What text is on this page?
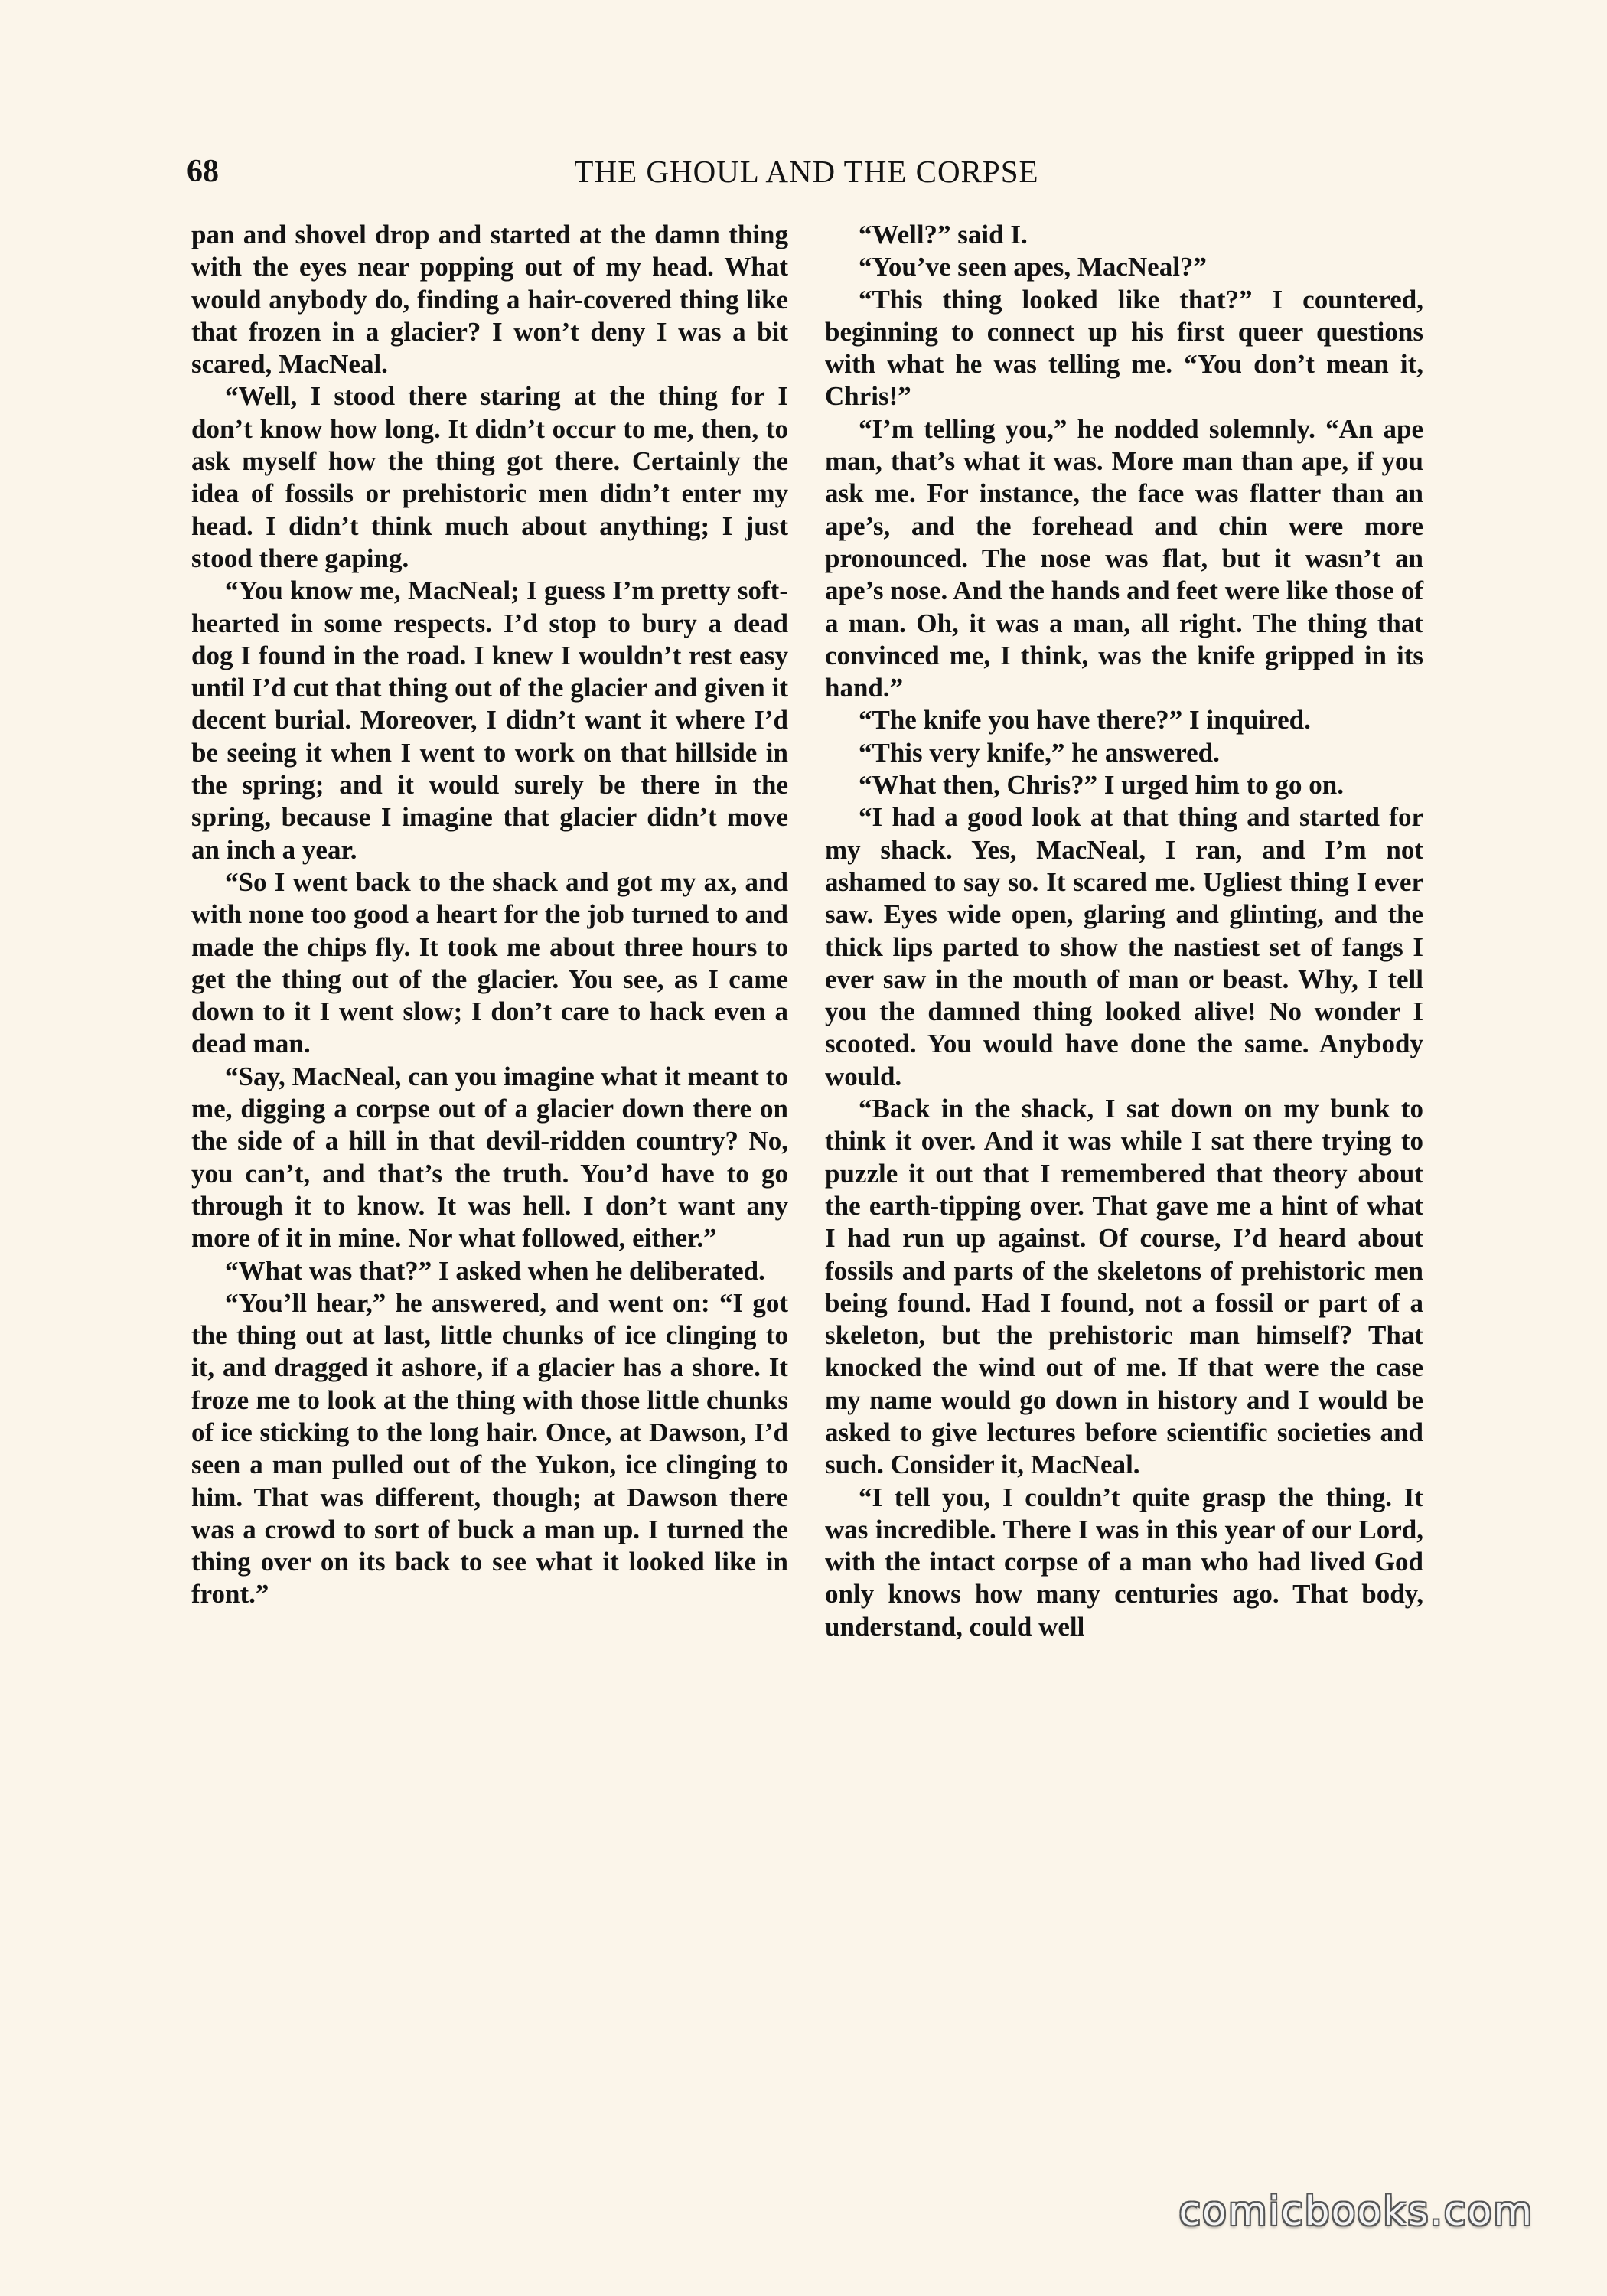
68	THE GHOUL AND THE CORPSE

pan and shovel drop and started at the damn thing with the eyes near popping out of my head. What would anybody do, finding a hair-covered thing like that frozen in a glacier? I won’t deny I was a bit scared, MacNeal.

“Well, I stood there staring at the thing for I don’t know how long. It didn’t occur to me, then, to ask myself how the thing got there. Certainly the idea of fossils or prehistoric men didn’t enter my head. I didn’t think much about anything; I just stood there gaping.

“You know me, MacNeal; I guess I’m pretty soft-hearted in some respects. I’d stop to bury a dead dog I found in the road. I knew I wouldn’t rest easy until I’d cut that thing out of the glacier and given it decent burial. Moreover, I didn’t want it where I’d be seeing it when I went to work on that hillside in the spring; and it would surely be there in the spring, because I imagine that glacier didn’t move an inch a year.

“So I went back to the shack and got my ax, and with none too good a heart for the job turned to and made the chips fly. It took me about three hours to get the thing out of the glacier. You see, as I came down to it I went slow; I don’t care to hack even a dead man.

“Say, MacNeal, can you imagine what it meant to me, digging a corpse out of a glacier down there on the side of a hill in that devil-ridden country? No, you can’t, and that’s the truth. You’d have to go through it to know. It was hell. I don’t want any more of it in mine. Nor what followed, either.”

“What was that?” I asked when he deliberated.

“You’ll hear,” he answered, and went on: “I got the thing out at last, little chunks of ice clinging to it, and dragged it ashore, if a glacier has a shore. It froze me to look at the thing with those little chunks of ice sticking to the long hair. Once, at Dawson, I’d seen a man pulled out of the Yukon, ice clinging to him. That was different, though; at Dawson there was a crowd to sort of buck a man up. I turned the thing over on its back to see what it looked like in front.”

“Well?” said I.

“You’ve seen apes, MacNeal?”

“This thing looked like that?” I countered, beginning to connect up his first queer questions with what he was telling me. “You don’t mean it, Chris!”

“I’m telling you,” he nodded solemnly. “An ape man, that’s what it was. More man than ape, if you ask me. For instance, the face was flatter than an ape’s, and the forehead and chin were more pronounced. The nose was flat, but it wasn’t an ape’s nose. And the hands and feet were like those of a man. Oh, it was a man, all right. The thing that convinced me, I think, was the knife gripped in its hand.”

“The knife you have there?” I inquired.

“This very knife,” he answered.

“What then, Chris?” I urged him to go on.

“I had a good look at that thing and started for my shack. Yes, MacNeal, I ran, and I’m not ashamed to say so. It scared me. Ugliest thing I ever saw. Eyes wide open, glaring and glinting, and the thick lips parted to show the nastiest set of fangs I ever saw in the mouth of man or beast. Why, I tell you the damned thing looked alive! No wonder I scooted. You would have done the same. Anybody would.

“Back in the shack, I sat down on my bunk to think it over. And it was while I sat there trying to puzzle it out that I remembered that theory about the earth-tipping over. That gave me a hint of what I had run up against. Of course, I’d heard about fossils and parts of the skeletons of prehistoric men being found. Had I found, not a fossil or part of a skeleton, but the prehistoric man himself? That knocked the wind out of me. If that were the case my name would go down in history and I would be asked to give lectures before scientific societies and such. Consider it, MacNeal.

“I tell you, I couldn’t quite grasp the thing. It was incredible. There I was in this year of our Lord, with the intact corpse of a man who had lived God only knows how many centuries ago. That body, understand, could well

comicbooks.com
